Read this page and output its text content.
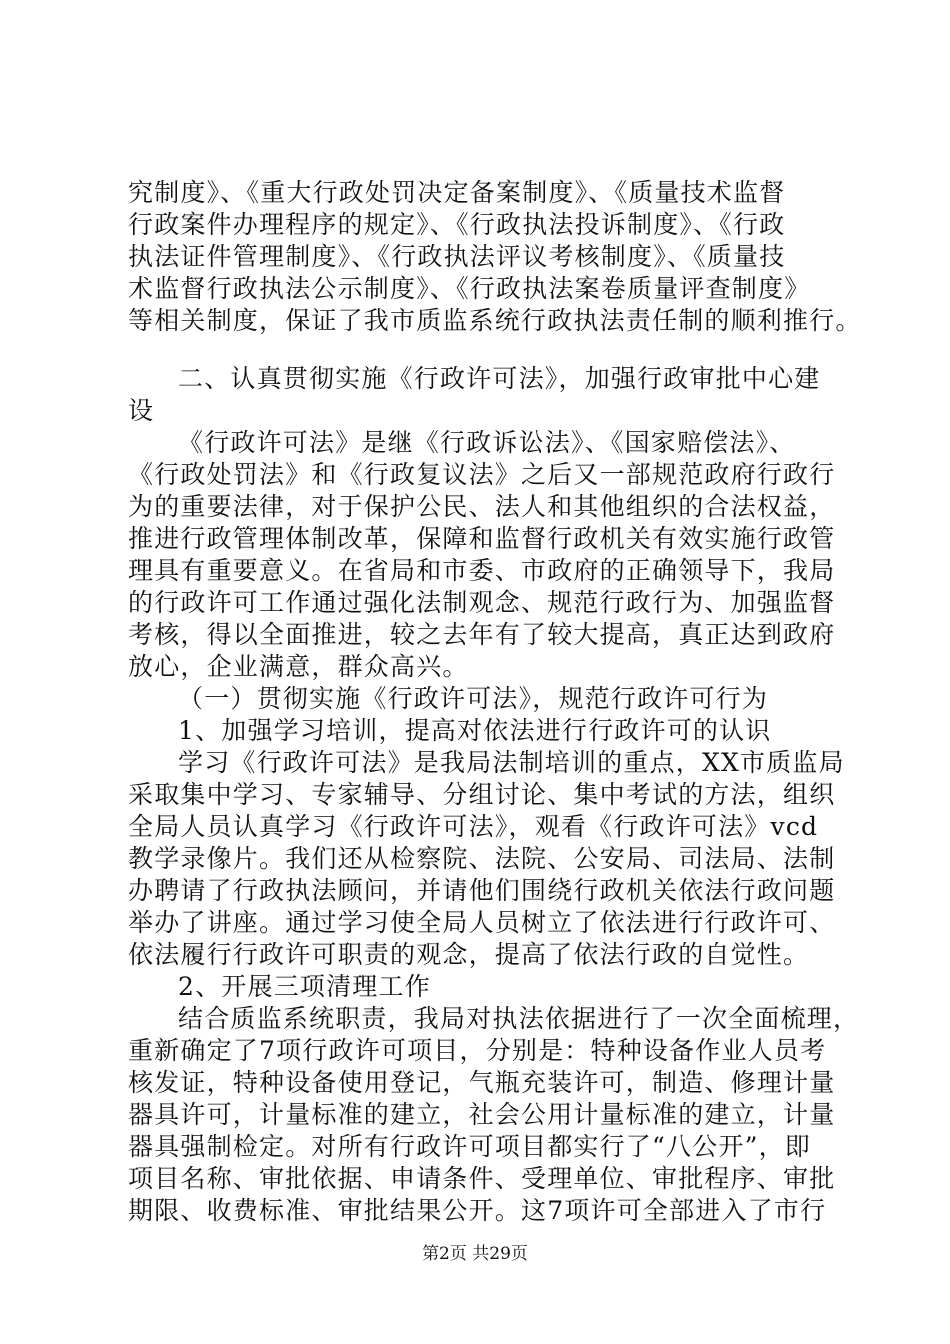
究制度》、《重大行政处罚决定备案制度》、《质量技术监督
行政案件办理程序的规定》、《行政执法投诉制度》、《行政
执法证件管理制度》、《行政执法评议考核制度》、《质量技
术监督行政执法公示制度》、《行政执法案卷质量评查制度》
等相关制度，保证了我市质监系统行政执法责任制的顺利推行。
二、认真贯彻实施《行政许可法》，加强行政审批中心建
设
《行政许可法》是继《行政诉讼法》、《国家赔偿法》、
《行政处罚法》和《行政复议法》之后又一部规范政府行政行
为的重要法律，对于保护公民、法人和其他组织的合法权益，
推进行政管理体制改革，保障和监督行政机关有效实施行政管
理具有重要意义。在省局和市委、市政府的正确领导下，我局
的行政许可工作通过强化法制观念、规范行政行为、加强监督
考核，得以全面推进，较之去年有了较大提高，真正达到政府
放心，企业满意，群众高兴。
（一）贯彻实施《行政许可法》，规范行政许可行为
1、加强学习培训，提高对依法进行行政许可的认识
学习《行政许可法》是我局法制培训的重点，XX市质监局
采取集中学习、专家辅导、分组讨论、集中考试的方法，组织
全局人员认真学习《行政许可法》，观看《行政许可法》vcd
教学录像片。我们还从检察院、法院、公安局、司法局、法制
办聘请了行政执法顾问，并请他们围绕行政机关依法行政问题
举办了讲座。通过学习使全局人员树立了依法进行行政许可、
依法履行行政许可职责的观念，提高了依法行政的自觉性。
2、开展三项清理工作
结合质监系统职责，我局对执法依据进行了一次全面梳理，
重新确定了7项行政许可项目，分别是：特种设备作业人员考
核发证，特种设备使用登记，气瓶充装许可，制造、修理计量
器具许可，计量标准的建立，社会公用计量标准的建立，计量
器具强制检定。对所有行政许可项目都实行了“八公开”，即
项目名称、审批依据、申请条件、受理单位、审批程序、审批
期限、收费标准、审批结果公开。这7项许可全部进入了市行
第2页 共29页
